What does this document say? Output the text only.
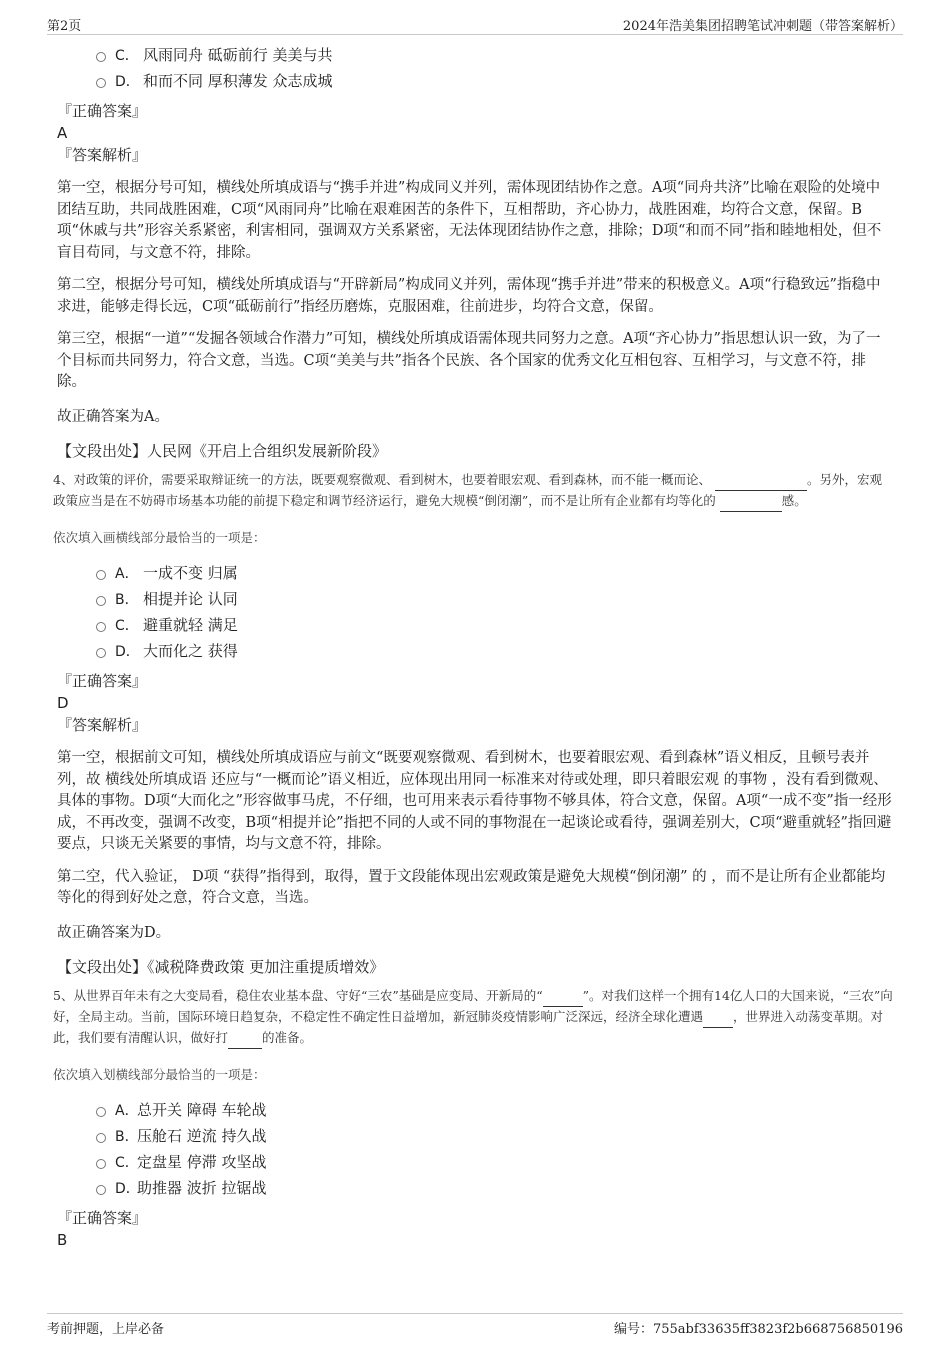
第2页	2024年浩美集团招聘笔试冲刺题（带答案解析）
C． 风雨同舟 砥砺前行 美美与共
D． 和而不同 厚积薄发 众志成城
『正确答案』
A
『答案解析』

第一空，根据分号可知，横线处所填成语与“携手并进”构成同义并列，需体现团结协作之意。A项“同舟共济”比喻在艰险的处境中团结互助，共同战胜困难，C项“风雨同舟”比喻在艰难困苦的条件下，互相帮助，齐心协力，战胜困难，均符合文意，保留。B项“休戚与共”形容关系紧密，利害相同，强调双方关系紧密，无法体现团结协作之意，排除；D项“和而不同”指和睦地相处，但不盲目苟同，与文意不符，排除。

第二空，根据分号可知，横线处所填成语与“开辟新局”构成同义并列，需体现“携手并进”带来的积极意义。A项“行稳致远”指稳中求进，能够走得长远，C项“砥砺前行”指经历磨炼，克服困难，往前进步，均符合文意，保留。

第三空，根据“一道”“发掘各领域合作潜力”可知，横线处所填成语需体现共同努力之意。A项“齐心协力”指思想认识一致，为了一个目标而共同努力，符合文意，当选。C项“美美与共”指各个民族、各个国家的优秀文化互相包容、互相学习，与文意不符，排除。

故正确答案为A。

【文段出处】人民网《开启上合组织发展新阶段》
4、对政策的评价，需要采取辩证统一的方法，既要观察微观、看到树木，也要着眼宏观、看到森林，而不能一概而论、	。另外，宏观政策应当是在不妨碍市场基本功能的前提下稳定和调节经济运行，避免大规模“倒闭潮”，而不是让所有企业都有均等化的	感。
依次填入画横线部分最恰当的一项是：
A． 一成不变 归属
B． 相提并论 认同
C． 避重就轻 满足
D． 大而化之 获得
『正确答案』
D
『答案解析』

第一空，根据前文可知，横线处所填成语应与前文“既要观察微观、看到树木，也要着眼宏观、看到森林”语义相反，且顿号表并列，故 横线处所填成语 还应与“一概而论”语义相近，应体现出用同一标准来对待或处理，即只着眼宏观 的事物 ，没有看到微观、具体的事物。D项“大而化之”形容做事马虎，不仔细，也可用来表示看待事物不够具体，符合文意，保留。A项“一成不变”指一经形成，不再改变，强调不改变，B项“相提并论”指把不同的人或不同的事物混在一起谈论或看待，强调差别大，C项“避重就轻”指回避要点，只谈无关紧要的事情，均与文意不符，排除。

第二空，代入验证， D项 “获得”指得到，取得，置于文段能体现出宏观政策是避免大规模“倒闭潮” 的 ，而不是让所有企业都能均等化的得到好处之意，符合文意，当选。

故正确答案为D。

【文段出处】《减税降费政策 更加注重提质增效》
5、从世界百年未有之大变局看，稳住农业基本盘、守好“三农”基础是应变局、开新局的“	”。对我们这样一个拥有14亿人口的大国来说，“三农”向好，全局主动。当前，国际环境日趋复杂，不稳定性不确定性日益增加，新冠肺炎疫情影响广泛深远，经济全球化遭遇 ，世界进入动荡变革期。对此，我们要有清醒认识，做好打	的准备。
依次填入划横线部分最恰当的一项是：
A．总开关 障碍 车轮战
B．压舱石 逆流 持久战
C．定盘星 停滞 攻坚战
D．助推器 波折 拉锯战
『正确答案』
B
考前押题，上岸必备	编号：755abf33635ff3823f2b668756850196
